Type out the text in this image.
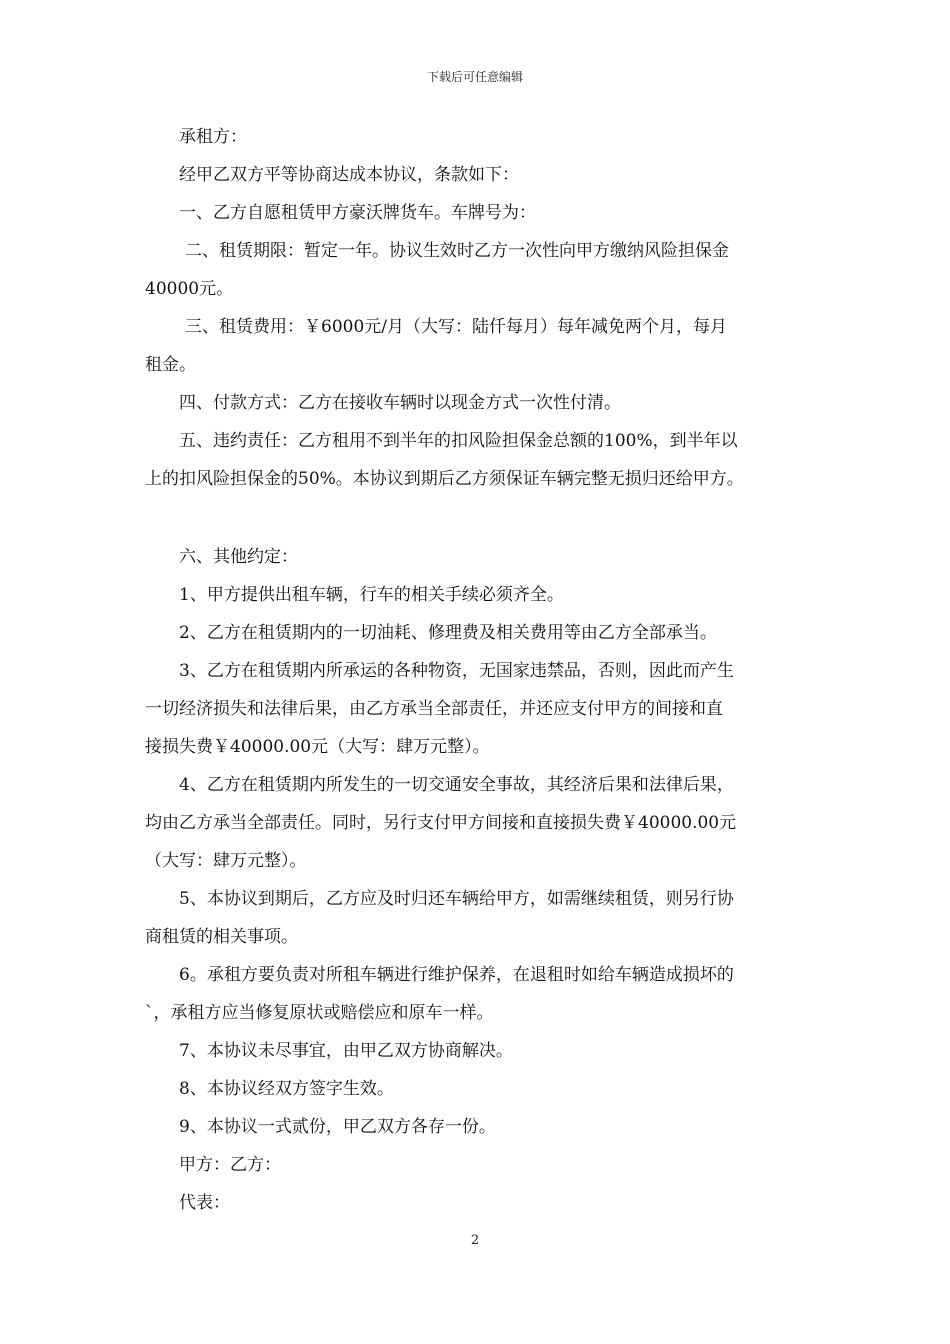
下载后可任意编辑

承租方：

经甲乙双方平等协商达成本协议，条款如下：

一、乙方自愿租赁甲方豪沃牌货车。车牌号为：

二、租赁期限：暂定一年。协议生效时乙方一次性向甲方缴纳风险担保金
40000元。

三、租赁费用：￥6000元/月（大写：陆仟每月）每年减免两个月，每月
租金。

四、付款方式：乙方在接收车辆时以现金方式一次性付清。

五、违约责任：乙方租用不到半年的扣风险担保金总额的100%，到半年以
上的扣风险担保金的50%。本协议到期后乙方须保证车辆完整无损归还给甲方。

六、其他约定：

1、甲方提供出租车辆，行车的相关手续必须齐全。

2、乙方在租赁期内的一切油耗、修理费及相关费用等由乙方全部承当。

3、乙方在租赁期内所承运的各种物资，无国家违禁品，否则，因此而产生
一切经济损失和法律后果，由乙方承当全部责任，并还应支付甲方的间接和直
接损失费￥40000.00元（大写：肆万元整）。

4、乙方在租赁期内所发生的一切交通安全事故，其经济后果和法律后果，
均由乙方承当全部责任。同时，另行支付甲方间接和直接损失费￥40000.00元
（大写：肆万元整）。

5、本协议到期后，乙方应及时归还车辆给甲方，如需继续租赁，则另行协
商租赁的相关事项。

6。承租方要负责对所租车辆进行维护保养，在退租时如给车辆造成损坏的
`，承租方应当修复原状或赔偿应和原车一样。

7、本协议未尽事宜，由甲乙双方协商解决。

8、本协议经双方签字生效。

9、本协议一式贰份，甲乙双方各存一份。

甲方：乙方：

代表：

2
